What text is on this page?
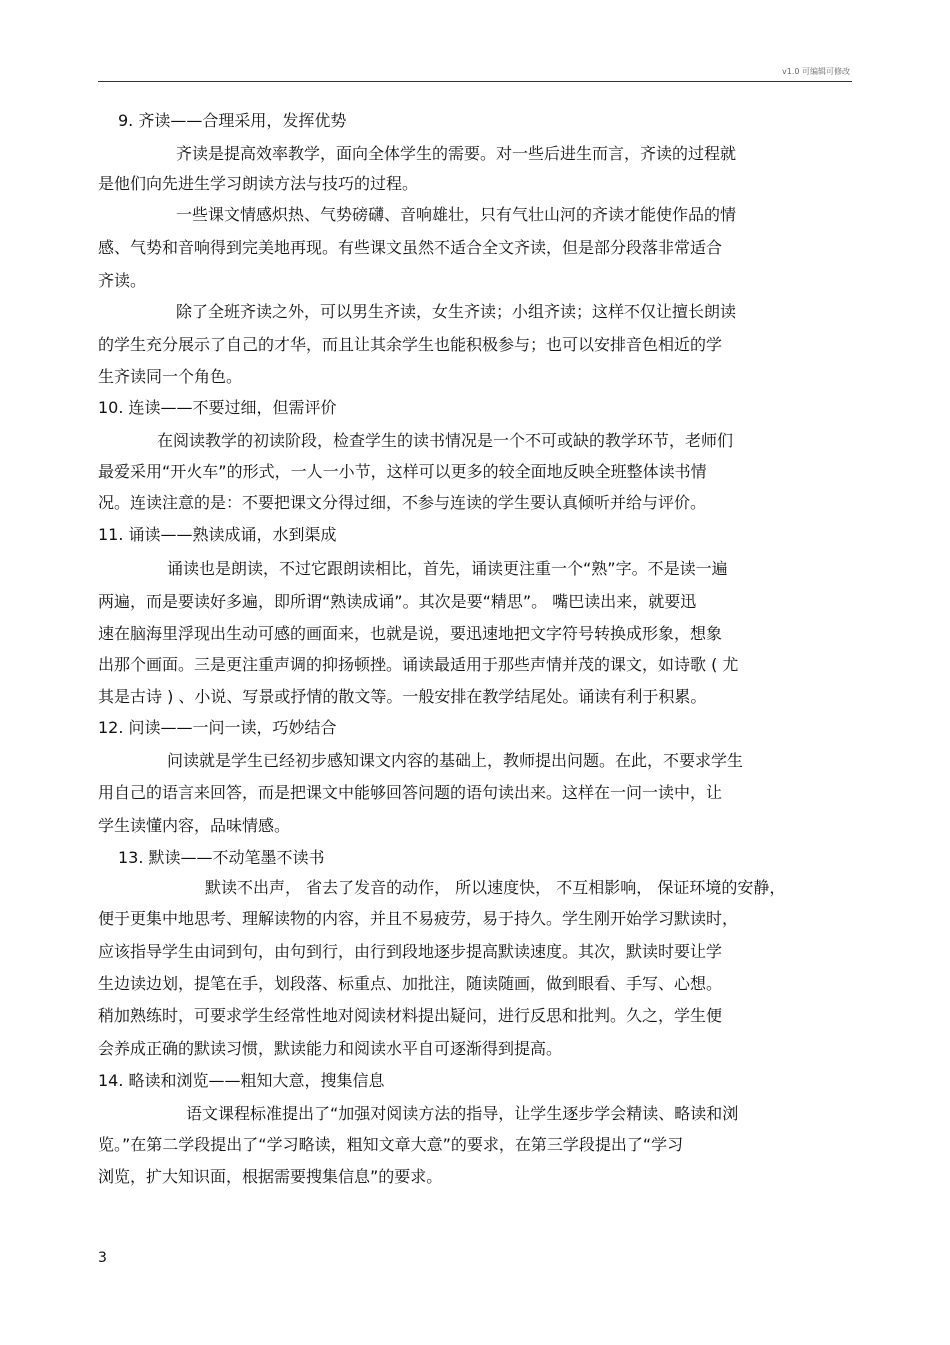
v1.0 可编辑可修改
9. 齐读——合理采用，发挥优势
齐读是提高效率教学，面向全体学生的需要。对一些后进生而言，齐读的过程就
是他们向先进生学习朗读方法与技巧的过程。
一些课文情感炽热、气势磅礴、音响雄壮，只有气壮山河的齐读才能使作品的情
感、气势和音响得到完美地再现。有些课文虽然不适合全文齐读，但是部分段落非常适合
齐读。
除了全班齐读之外，可以男生齐读，女生齐读；小组齐读；这样不仅让擅长朗读
的学生充分展示了自己的才华，而且让其余学生也能积极参与；也可以安排音色相近的学
生齐读同一个角色。
10. 连读——不要过细，但需评价
在阅读教学的初读阶段，检查学生的读书情况是一个不可或缺的教学环节，老师们
最爱采用“开火车”的形式，一人一小节，这样可以更多的较全面地反映全班整体读书情
况。连读注意的是：不要把课文分得过细，不参与连读的学生要认真倾听并给与评价。
11. 诵读——熟读成诵，水到渠成
诵读也是朗读，不过它跟朗读相比，首先，诵读更注重一个“熟”字。不是读一遍
两遍，而是要读好多遍，即所谓“熟读成诵”。其次是要“精思”。 嘴巴读出来，就要迅
速在脑海里浮现出生动可感的画面来，也就是说，要迅速地把文字符号转换成形象，想象
出那个画面。三是更注重声调的抑扬顿挫。诵读最适用于那些声情并茂的课文，如诗歌 ( 尤
其是古诗 ) 、小说、写景或抒情的散文等。一般安排在教学结尾处。诵读有利于积累。
12. 问读——一问一读，巧妙结合
问读就是学生已经初步感知课文内容的基础上，教师提出问题。在此，不要求学生
用自己的语言来回答，而是把课文中能够回答问题的语句读出来。这样在一问一读中，让
学生读懂内容，品味情感。
13. 默读——不动笔墨不读书
默读不出声， 省去了发音的动作， 所以速度快， 不互相影响， 保证环境的安静，
便于更集中地思考、理解读物的内容，并且不易疲劳，易于持久。学生刚开始学习默读时，
应该指导学生由词到句，由句到行，由行到段地逐步提高默读速度。其次，默读时要让学
生边读边划，提笔在手，划段落、标重点、加批注，随读随画，做到眼看、手写、心想。
稍加熟练时，可要求学生经常性地对阅读材料提出疑问，进行反思和批判。久之，学生便
会养成正确的默读习惯，默读能力和阅读水平自可逐渐得到提高。
14. 略读和浏览——粗知大意，搜集信息
语文课程标准提出了“加强对阅读方法的指导，让学生逐步学会精读、略读和浏
览。”在第二学段提出了“学习略读，粗知文章大意”的要求，在第三学段提出了“学习
浏览，扩大知识面，根据需要搜集信息”的要求。
3
